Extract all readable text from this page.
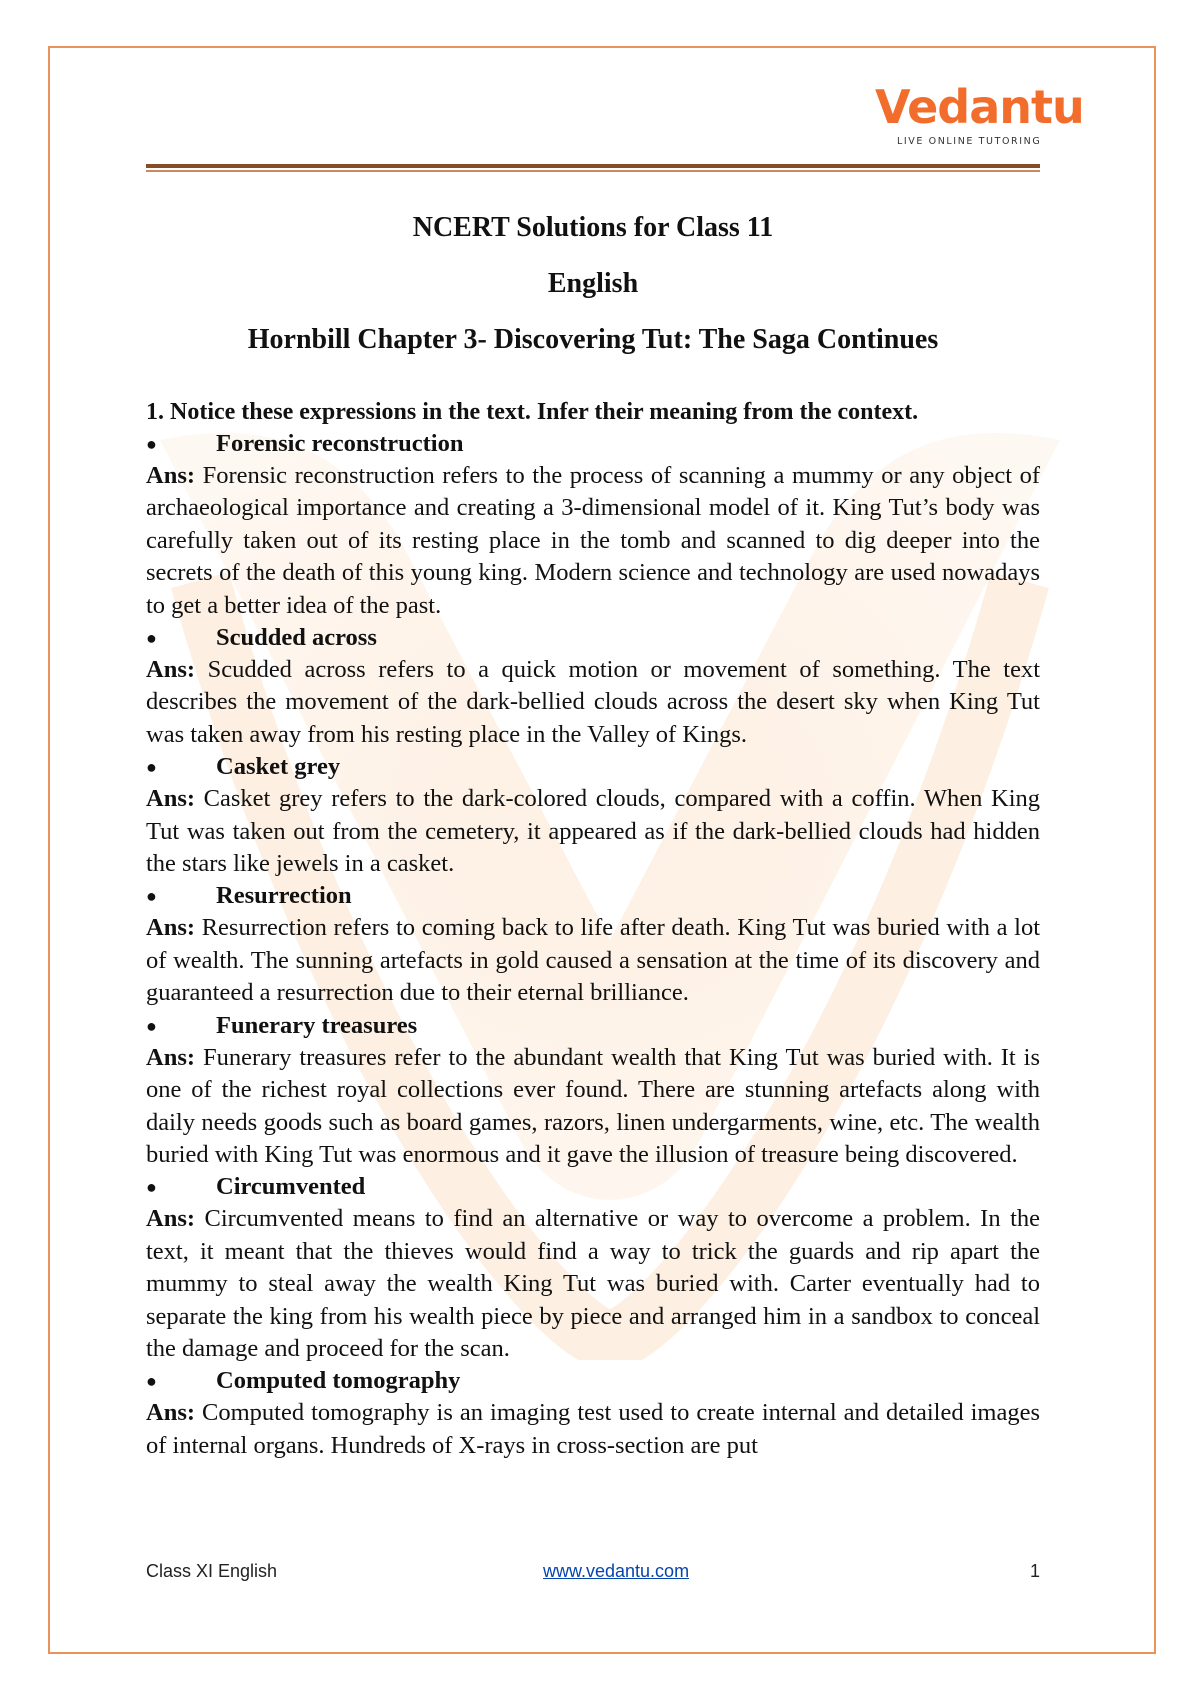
Vedantu
LIVE ONLINE TUTORING
NCERT Solutions for Class 11
English
Hornbill Chapter 3- Discovering Tut: The Saga Continues
1. Notice these expressions in the text. Infer their meaning from the context.
●	Forensic reconstruction

Ans: Forensic reconstruction refers to the process of scanning a mummy or any object of archaeological importance and creating a 3-dimensional model of it. King Tut’s body was carefully taken out of its resting place in the tomb and scanned to dig deeper into the secrets of the death of this young king. Modern science and technology are used nowadays to get a better idea of the past.

●	Scudded across

Ans: Scudded across refers to a quick motion or movement of something. The text describes the movement of the dark-bellied clouds across the desert sky when King Tut was taken away from his resting place in the Valley of Kings.

●	Casket grey

Ans: Casket grey refers to the dark-colored clouds, compared with a coffin. When King Tut was taken out from the cemetery, it appeared as if the dark-bellied clouds had hidden the stars like jewels in a casket.

●	Resurrection

Ans: Resurrection refers to coming back to life after death. King Tut was buried with a lot of wealth. The sunning artefacts in gold caused a sensation at the time of its discovery and guaranteed a resurrection due to their eternal brilliance.

●	Funerary treasures

Ans: Funerary treasures refer to the abundant wealth that King Tut was buried with. It is one of the richest royal collections ever found. There are stunning artefacts along with daily needs goods such as board games, razors, linen undergarments, wine, etc. The wealth buried with King Tut was enormous and it gave the illusion of treasure being discovered.

●	Circumvented

Ans: Circumvented means to find an alternative or way to overcome a problem. In the text, it meant that the thieves would find a way to trick the guards and rip apart the mummy to steal away the wealth King Tut was buried with. Carter eventually had to separate the king from his wealth piece by piece and arranged him in a sandbox to conceal the damage and proceed for the scan.

●	Computed tomography

Ans: Computed tomography is an imaging test used to create internal and detailed images of internal organs. Hundreds of X-rays in cross-section are put

Class XI English	www.vedantu.com	1
